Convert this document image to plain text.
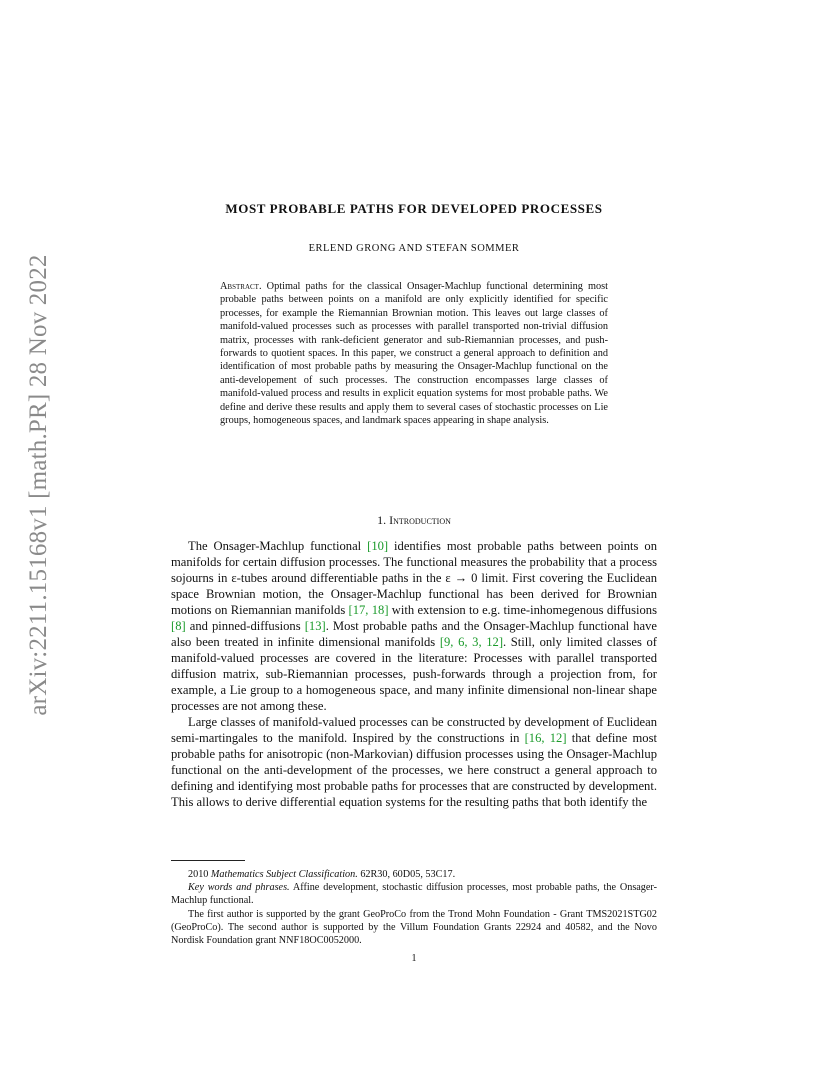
arXiv:2211.15168v1 [math.PR] 28 Nov 2022
MOST PROBABLE PATHS FOR DEVELOPED PROCESSES
ERLEND GRONG AND STEFAN SOMMER
Abstract. Optimal paths for the classical Onsager-Machlup functional determining most probable paths between points on a manifold are only explicitly identified for specific processes, for example the Riemannian Brownian motion. This leaves out large classes of manifold-valued processes such as processes with parallel transported non-trivial diffusion matrix, processes with rank-deficient generator and sub-Riemannian processes, and push-forwards to quotient spaces. In this paper, we construct a general approach to definition and identification of most probable paths by measuring the Onsager-Machlup functional on the anti-developement of such processes. The construction encompasses large classes of manifold-valued process and results in explicit equation systems for most probable paths. We define and derive these results and apply them to several cases of stochastic processes on Lie groups, homogeneous spaces, and landmark spaces appearing in shape analysis.
1. Introduction

The Onsager-Machlup functional [10] identifies most probable paths between points on manifolds for certain diffusion processes. The functional measures the probability that a process sojourns in ε-tubes around differentiable paths in the ε → 0 limit. First covering the Euclidean space Brownian motion, the Onsager-Machlup functional has been derived for Brownian motions on Riemannian manifolds [17, 18] with extension to e.g. time-inhomegenous diffusions [8] and pinned-diffusions [13]. Most probable paths and the Onsager-Machlup functional have also been treated in infinite dimensional manifolds [9, 6, 3, 12]. Still, only limited classes of manifold-valued processes are covered in the literature: Processes with parallel transported diffusion matrix, sub-Riemannian processes, push-forwards through a projection from, for example, a Lie group to a homogeneous space, and many infinite dimensional non-linear shape processes are not among these.

Large classes of manifold-valued processes can be constructed by development of Euclidean semi-martingales to the manifold. Inspired by the constructions in [16, 12] that define most probable paths for anisotropic (non-Markovian) diffusion processes using the Onsager-Machlup functional on the anti-development of the processes, we here construct a general approach to defining and identifying most probable paths for processes that are constructed by development. This allows to derive differential equation systems for the resulting paths that both identify the

2010 Mathematics Subject Classification. 62R30, 60D05, 53C17.

Key words and phrases. Affine development, stochastic diffusion processes, most probable paths, the Onsager-Machlup functional.

The first author is supported by the grant GeoProCo from the Trond Mohn Foundation - Grant TMS2021STG02 (GeoProCo). The second author is supported by the Villum Foundation Grants 22924 and 40582, and the Novo Nordisk Foundation grant NNF18OC0052000.

1
